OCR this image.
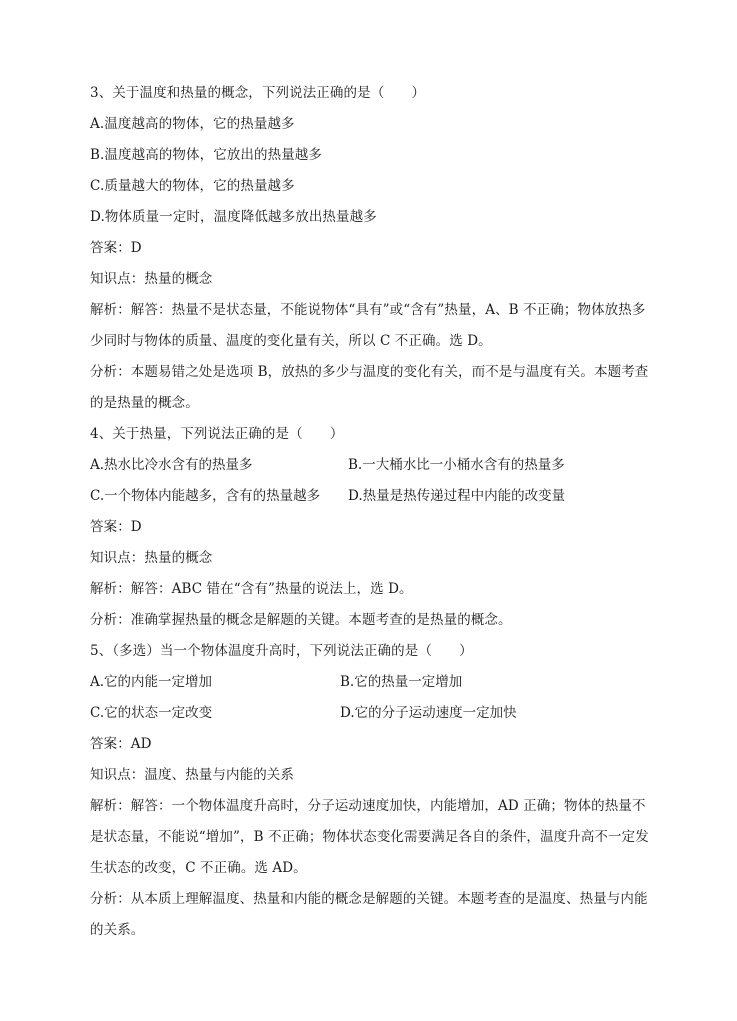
3、关于温度和热量的概念，下列说法正确的是（　　）
A.温度越高的物体，它的热量越多
B.温度越高的物体，它放出的热量越多
C.质量越大的物体，它的热量越多
D.物体质量一定时，温度降低越多放出热量越多
答案：D
知识点：热量的概念
解析：解答：热量不是状态量，不能说物体“具有”或“含有”热量，A、B 不正确；物体放热多少同时与物体的质量、温度的变化量有关，所以 C 不正确。选 D。
分析：本题易错之处是选项 B，放热的多少与温度的变化有关，而不是与温度有关。本题考查的是热量的概念。
4、关于热量，下列说法正确的是（　　）
A.热水比冷水含有的热量多	B.一大桶水比一小桶水含有的热量多
C.一个物体内能越多，含有的热量越多	D.热量是热传递过程中内能的改变量
答案：D
知识点：热量的概念
解析：解答：ABC 错在“含有”热量的说法上，选 D。
分析：准确掌握热量的概念是解题的关键。本题考查的是热量的概念。
5、（多选）当一个物体温度升高时，下列说法正确的是（　　）
A.它的内能一定增加	B.它的热量一定增加
C.它的状态一定改变	D.它的分子运动速度一定加快
答案：AD
知识点：温度、热量与内能的关系
解析：解答：一个物体温度升高时，分子运动速度加快，内能增加，AD 正确；物体的热量不是状态量，不能说“增加”，B 不正确；物体状态变化需要满足各自的条件，温度升高不一定发生状态的改变，C 不正确。选 AD。
分析：从本质上理解温度、热量和内能的概念是解题的关键。本题考查的是温度、热量与内能的关系。
